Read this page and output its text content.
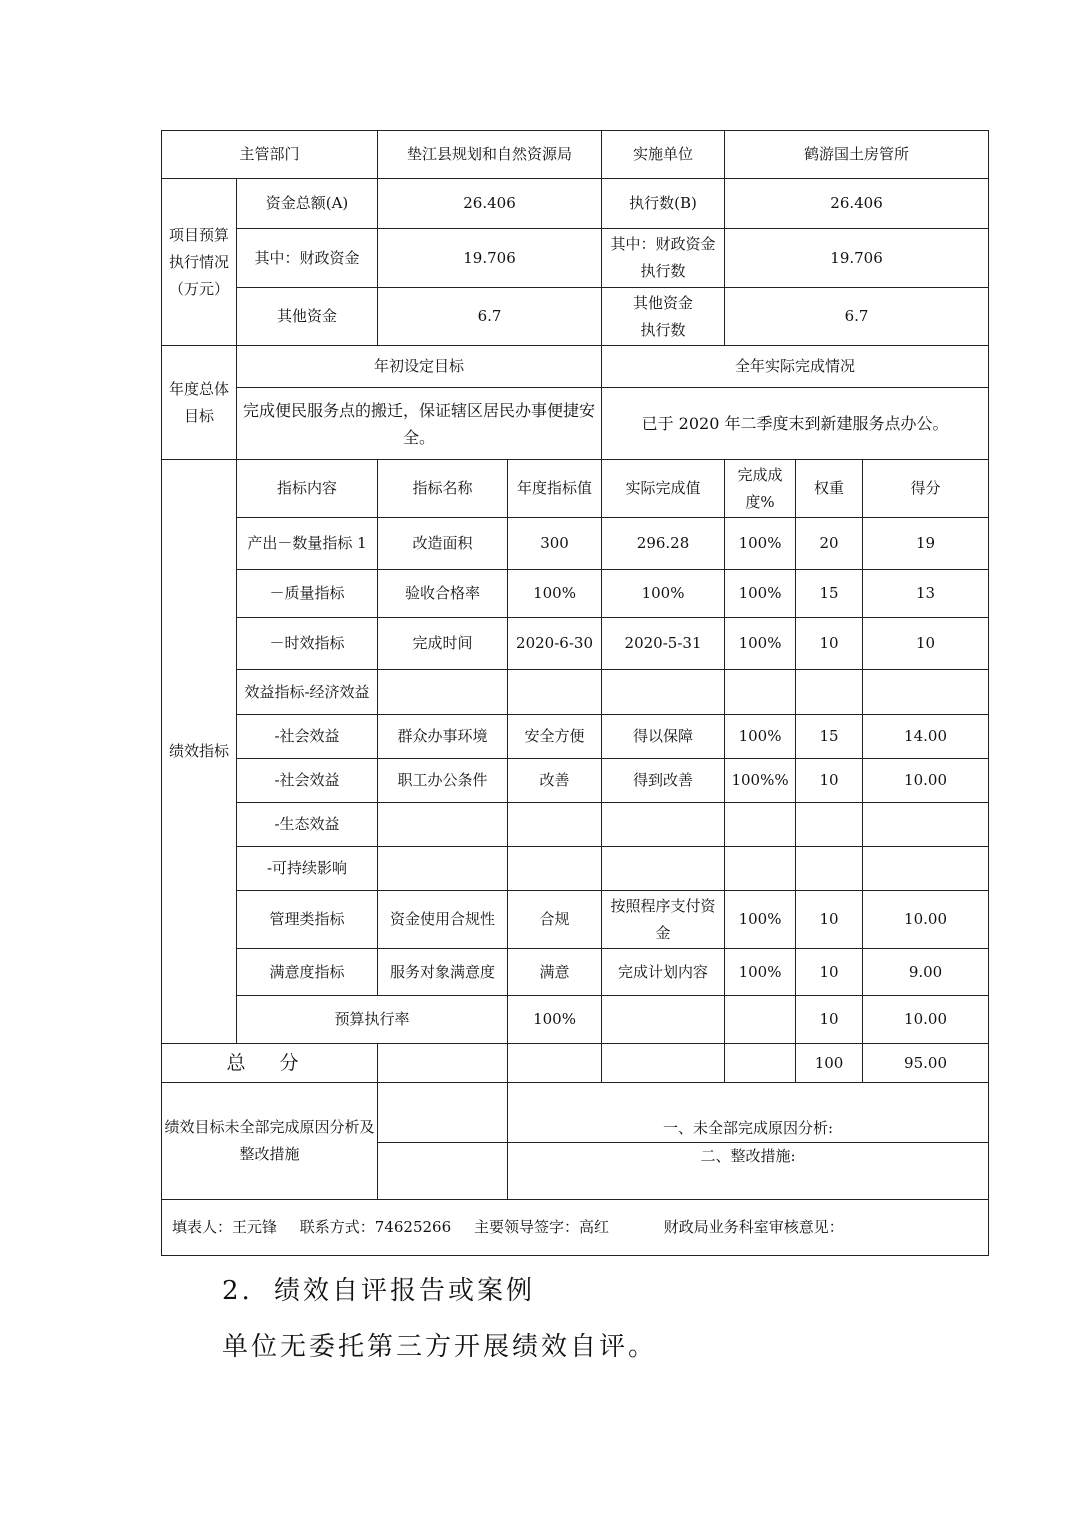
主管部门		垫江县规划和自然资源局		实施单位	鹤游国土房管所		
项目预算执行情况（万元）	资金总额(A)	26.406		执行数(B)	26.406		
	其中：财政资金	19.706		其中：财政资金执行数	19.706		
	其他资金	6.7		其他资金执行数	6.7		
年度总体目标	年初设定目标			全年实际完成情况			
	完成便民服务点的搬迁，保证辖区居民办事便捷安全。			已于 2020 年二季度末到新建服务点办公。			
绩效指标	指标内容	指标名称	年度指标值	实际完成值	完成成度%	权重	得分
	产出－数量指标 1	改造面积	300	296.28	100%	20	19
	－质量指标	验收合格率	100%	100%	100%	15	13
	－时效指标	完成时间	2020-6-30	2020-5-31	100%	10	10
	效益指标-经济效益						
	-社会效益	群众办事环境	安全方便	得以保障	100%	15	14.00
	-社会效益	职工办公条件	改善	得到改善	100%%	10	10.00
	-生态效益						
	-可持续影响						
	管理类指标	资金使用合规性	合规	按照程序支付资金	100%	10	10.00
	满意度指标	服务对象满意度	满意	完成计划内容	100%	10	9.00
	预算执行率		100%			10	10.00
总 分						100	95.00
绩效目标未全部完成原因分析及整改措施			一、未全部完成原因分析:				
			二、整改措施:				
填表人：王元锋 联系方式：74625266 主要领导签字：高红 财政局业务科室审核意见：							
2. 绩效自评报告或案例
单位无委托第三方开展绩效自评。
